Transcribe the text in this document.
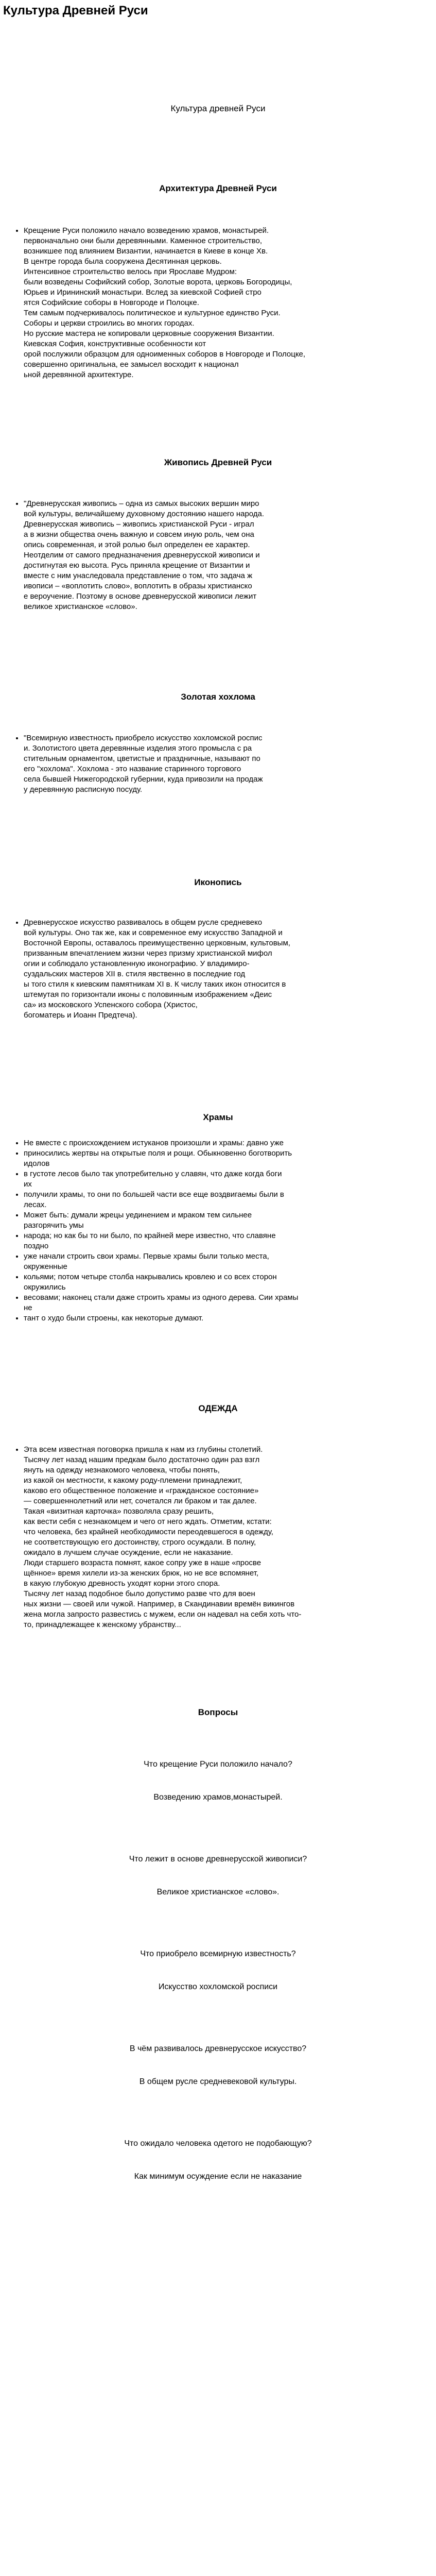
Культура Древней Руси

Культура древней Руси

Архитектура Древней Руси
• Крещение Руси положило начало возведению храмов, монастырей.
первоначально они были деревянными. Каменное строительство,
возникшее под влиянием Византии, начинается в Киеве в конце Xв.
В центре города была сооружена Десятинная церковь.
Интенсивное строительство велось при Ярославе Мудром:
были возведены Софийский собор, Золотые ворота, церковь Богородицы,
Юрьев и Ирининский монастыри. Вслед за киевской Софией стро
ятся Софийские соборы в Новгороде и Полоцке.
Тем самым подчеркивалось политическое и культурное единство Руси.
Соборы и церкви строились во многих городах.
Но русские мастера не копировали церковные сооружения Византии.
Киевская София, конструктивные особенности кот
орой послужили образцом для одноименных соборов в Новгороде и Полоцке,
совершенно оригинальна, ее замысел восходит к национал
ьной деревянной архитектуре.
Живопись Древней Руси
• "Древнерусская живопись – одна из самых высоких вершин миро
вой культуры, величайшему духовному достоянию нашего народа.
Древнерусская живопись – живопись христианской Руси - играл
а в жизни общества очень важную и совсем иную роль, чем она
опись современная, и этой ролью был определен ее характер.
Неотделим от самого предназначения древнерусской живописи и
достигнутая ею высота. Русь приняла крещение от Византии и
вместе с ним унаследовала представление о том, что задача ж
ивописи – «воплотить слово», воплотить в образы христианско
е вероучение. Поэтому в основе древнерусской живописи лежит
великое христианское «слово».
Золотая хохлома
• "Всемирную известность приобрело искусство хохломской роспис
и. Золотистого цвета деревянные изделия этого промысла с ра
стительным орнаментом, цветистые и праздничные, называют по
его "хохлома". Хохлома - это название старинного торгового
села бывшей Нижегородской губернии, куда привозили на продаж
у деревянную расписную посуду.
Иконопись
• Древнерусское искусство развивалось в общем русле средневеко
вой культуры. Оно так же, как и современное ему искусство Западной и
Восточной Европы, оставалось преимущественно церковным, культовым,
призванным впечатлением жизни через призму христианской мифол
огии и соблюдало установленную иконографию. У владимиро-
суздальских мастеров XII в. стиля явственно в последние год
ы того стиля к киевским памятникам XI в. К числу таких икон относится в
штемутая по горизонтали иконы с половинным изображением «Деис
са» из московского Успенского собора (Христос,
богоматерь и Иоанн Предтеча).
Храмы
• Не вместе с происхождением истуканов произошли и храмы: давно уже
• приносились жертвы на открытые поля и рощи. Обыкновенно боготворить
идолов
• в густоте лесов было так употребительно у славян, что даже когда боги
их
• получили храмы, то они по большей части все еще воздвигаемы были в
лесах.
• Может быть: думали жрецы уединением и мраком тем сильнее
разгорячить умы
• народа; но как бы то ни было, по крайней мере известно, что славяне
поздно
• уже начали строить свои храмы. Первые храмы были только места,
окруженные
• кольями; потом четыре столба накрывались кровлею и со всех сторон
окружились
• весовами; наконец стали даже строить храмы из одного дерева. Сии храмы
не
• тант о худо были строены, как некоторые думают.
ОДЕЖДА
• Эта всем известная поговорка пришла к нам из глубины столетий.
Тысячу лет назад нашим предкам было достаточно один раз взгл
януть на одежду незнакомого человека, чтобы понять,
из какой он местности, к какому роду-племени принадлежит,
каково его общественное положение и «гражданское состояние»
— совершеннолетний или нет, сочетался ли браком и так далее.
Такая «визитная карточка» позволяла сразу решить,
как вести себя с незнакомцем и чего от него ждать. Отметим, кстати:
что человека, без крайней необходимости переодевшегося в одежду,
не соответствующую его достоинству, строго осуждали. В полну,
ожидало в лучшем случае осуждение, если не наказание.
Люди старшего возраста помнят, какое сопру уже в наше «просве
щённое» время хилели из-за женских брюк, но не все вспомянет,
в какую глубокую древность уходят корни этого спора.
Тысячу лет назад подобное было допустимо разве что для воен
ных жизни — своей или чужой. Например, в Скандинавии времён викингов
жена могла запросто развестись с мужем, если он надевал на себя хоть что-
то, принадлежащее к женскому убранству...
Вопросы

Что крещение Руси положило начало?

Возведению храмов,монастырей.

Что лежит в основе древнерусской живописи?

Великое христианское «слово».

Что приобрело всемирную известность?

Искусство хохломской росписи

В чём развивалось древнерусское искусство?

В общем русле средневековой культуры.

Что ожидало человека одетого не подобающую?

Как минимум осуждение если не наказание
